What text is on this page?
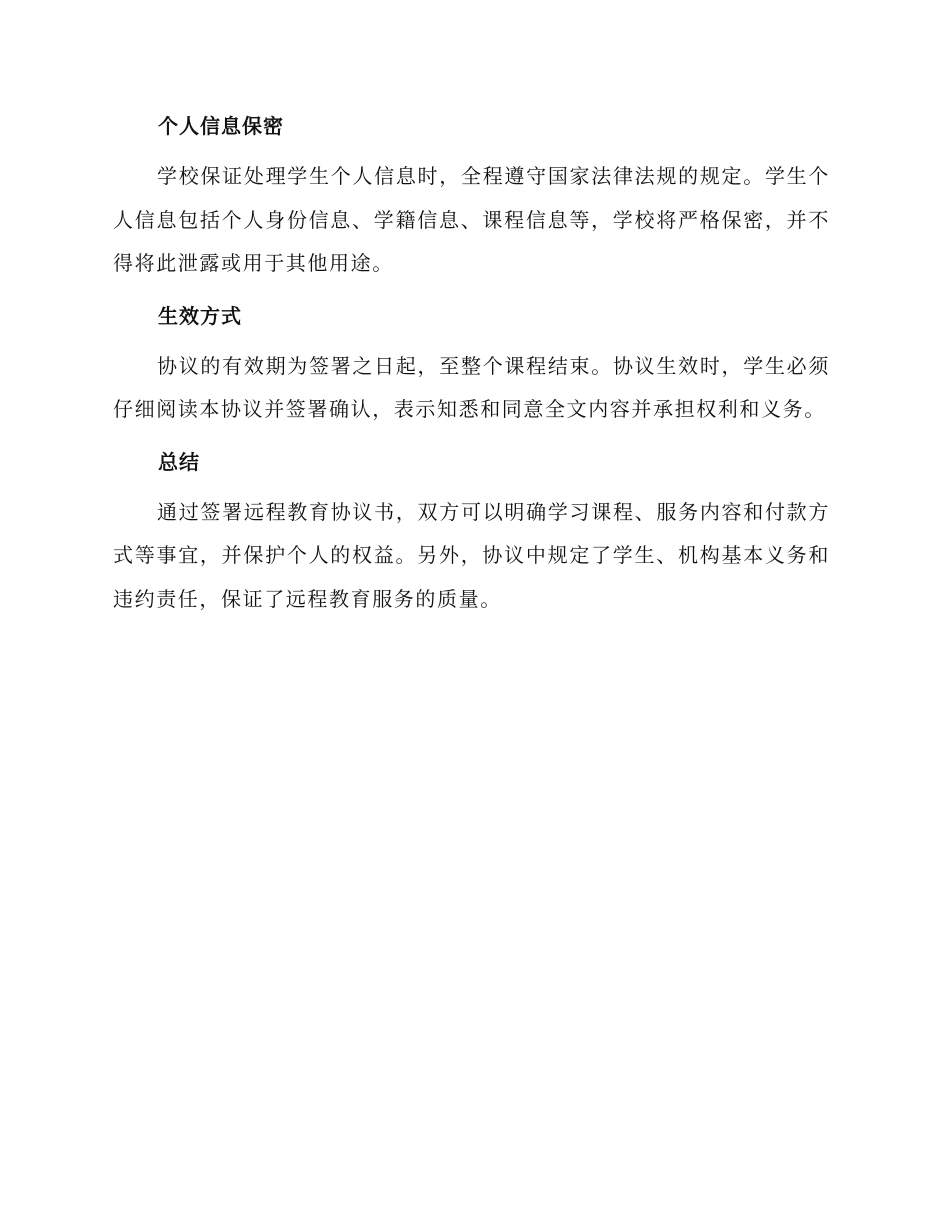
个人信息保密

学校保证处理学生个人信息时，全程遵守国家法律法规的规定。学生个人信息包括个人身份信息、学籍信息、课程信息等，学校将严格保密，并不得将此泄露或用于其他用途。

生效方式

协议的有效期为签署之日起，至整个课程结束。协议生效时，学生必须仔细阅读本协议并签署确认，表示知悉和同意全文内容并承担权利和义务。

总结

通过签署远程教育协议书，双方可以明确学习课程、服务内容和付款方式等事宜，并保护个人的权益。另外，协议中规定了学生、机构基本义务和违约责任，保证了远程教育服务的质量。
